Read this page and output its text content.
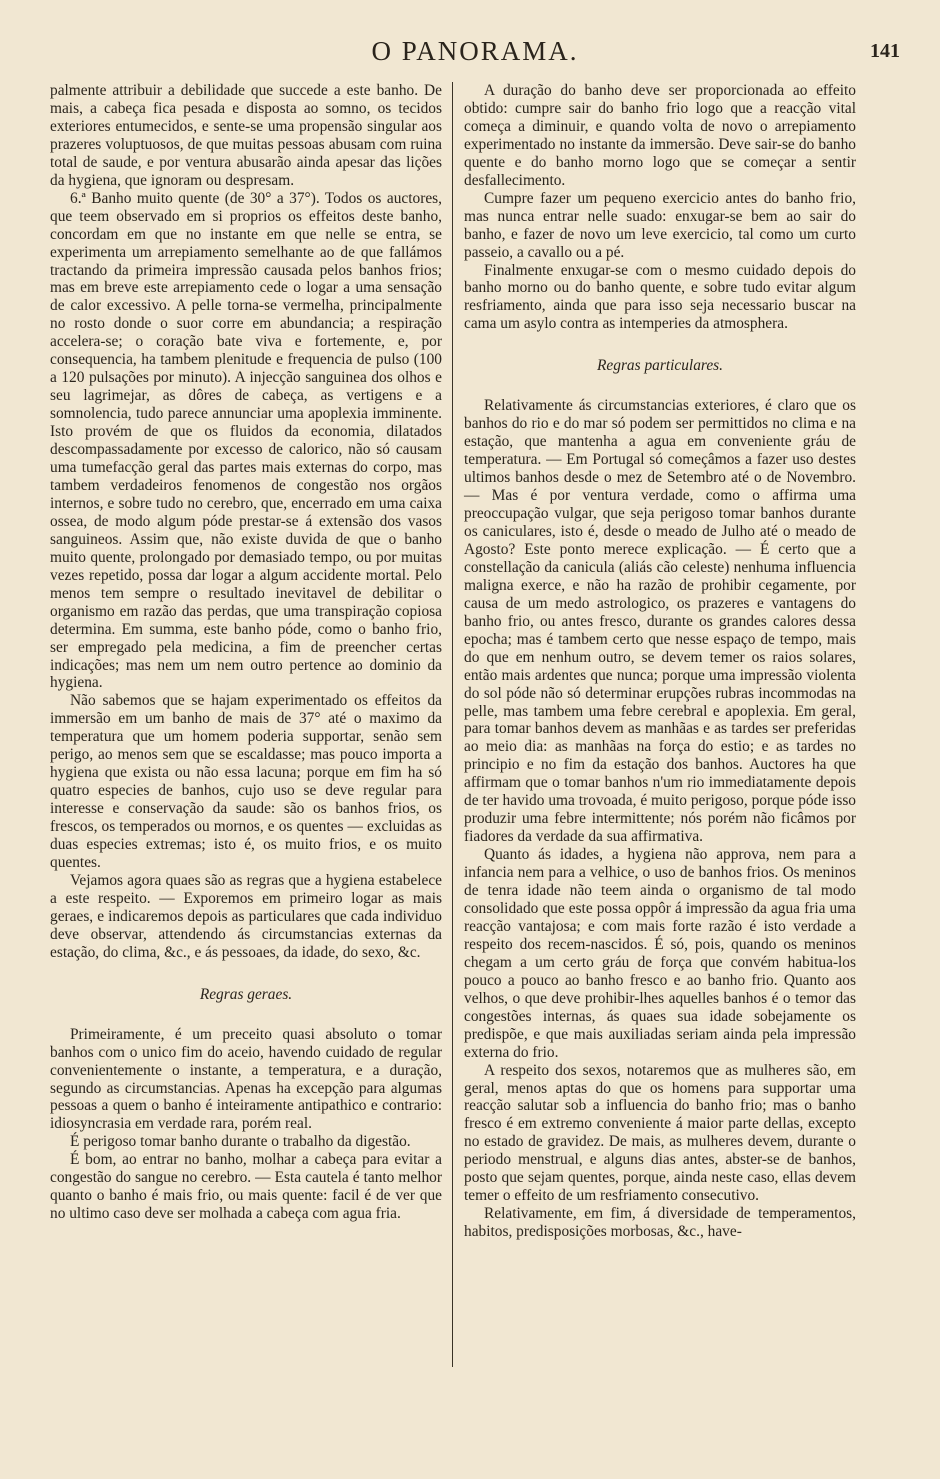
O PANORAMA.	141

palmente attribuir a debilidade que succede a este banho. De mais, a cabeça fica pesada e disposta ao somno, os tecidos exteriores entumecidos, e sente-se uma propensão singular aos prazeres voluptuosos, de que muitas pessoas abusam com ruina total de saude, e por ventura abusarão ainda apesar das lições da hygiena, que ignoram ou despresam.

6.ª Banho muito quente (de 30° a 37°). Todos os auctores, que teem observado em si proprios os effeitos deste banho, concordam em que no instante em que nelle se entra, se experimenta um arrepiamento semelhante ao de que fallámos tractando da primeira impressão causada pelos banhos frios; mas em breve este arrepiamento cede o logar a uma sensação de calor excessivo. A pelle torna-se vermelha, principalmente no rosto donde o suor corre em abundancia; a respiração accelera-se; o coração bate viva e fortemente, e, por consequencia, ha tambem plenitude e frequencia de pulso (100 a 120 pulsações por minuto). A injecção sanguinea dos olhos e seu lagrimejar, as dôres de cabeça, as vertigens e a somnolencia, tudo parece annunciar uma apoplexia imminente. Isto provém de que os fluidos da economia, dilatados descompassadamente por excesso de calorico, não só causam uma tumefacção geral das partes mais externas do corpo, mas tambem verdadeiros fenomenos de congestão nos orgãos internos, e sobre tudo no cerebro, que, encerrado em uma caixa ossea, de modo algum póde prestar-se á extensão dos vasos sanguineos. Assim que, não existe duvida de que o banho muito quente, prolongado por demasiado tempo, ou por muitas vezes repetido, possa dar logar a algum accidente mortal. Pelo menos tem sempre o resultado inevitavel de debilitar o organismo em razão das perdas, que uma transpiração copiosa determina. Em summa, este banho póde, como o banho frio, ser empregado pela medicina, a fim de preencher certas indicações; mas nem um nem outro pertence ao dominio da hygiena.

Não sabemos que se hajam experimentado os effeitos da immersão em um banho de mais de 37° até o maximo da temperatura que um homem poderia supportar, senão sem perigo, ao menos sem que se escaldasse; mas pouco importa a hygiena que exista ou não essa lacuna; porque em fim ha só quatro especies de banhos, cujo uso se deve regular para interesse e conservação da saude: são os banhos frios, os frescos, os temperados ou mornos, e os quentes — excluidas as duas especies extremas; isto é, os muito frios, e os muito quentes.

Vejamos agora quaes são as regras que a hygiena estabelece a este respeito. — Exporemos em primeiro logar as mais geraes, e indicaremos depois as particulares que cada individuo deve observar, attendendo ás circumstancias externas da estação, do clima, &c., e ás pessoaes, da idade, do sexo, &c.

Regras geraes.

Primeiramente, é um preceito quasi absoluto o tomar banhos com o unico fim do aceio, havendo cuidado de regular convenientemente o instante, a temperatura, e a duração, segundo as circumstancias. Apenas ha excepção para algumas pessoas a quem o banho é inteiramente antipathico e contrario: idiosyncrasia em verdade rara, porém real.

É perigoso tomar banho durante o trabalho da digestão.

É bom, ao entrar no banho, molhar a cabeça para evitar a congestão do sangue no cerebro. — Esta cautela é tanto melhor quanto o banho é mais frio, ou mais quente: facil é de ver que no ultimo caso deve ser molhada a cabeça com agua fria.

A duração do banho deve ser proporcionada ao effeito obtido: cumpre sair do banho frio logo que a reacção vital começa a diminuir, e quando volta de novo o arrepiamento experimentado no instante da immersão. Deve sair-se do banho quente e do banho morno logo que se começar a sentir desfallecimento.

Cumpre fazer um pequeno exercicio antes do banho frio, mas nunca entrar nelle suado: enxugar-se bem ao sair do banho, e fazer de novo um leve exercicio, tal como um curto passeio, a cavallo ou a pé.

Finalmente enxugar-se com o mesmo cuidado depois do banho morno ou do banho quente, e sobre tudo evitar algum resfriamento, ainda que para isso seja necessario buscar na cama um asylo contra as intemperies da atmosphera.

Regras particulares.

Relativamente ás circumstancias exteriores, é claro que os banhos do rio e do mar só podem ser permittidos no clima e na estação, que mantenha a agua em conveniente gráu de temperatura. — Em Portugal só começâmos a fazer uso destes ultimos banhos desde o mez de Setembro até o de Novembro. — Mas é por ventura verdade, como o affirma uma preoccupação vulgar, que seja perigoso tomar banhos durante os caniculares, isto é, desde o meado de Julho até o meado de Agosto? Este ponto merece explicação. — É certo que a constellação da canicula (aliás cão celeste) nenhuma influencia maligna exerce, e não ha razão de prohibir cegamente, por causa de um medo astrologico, os prazeres e vantagens do banho frio, ou antes fresco, durante os grandes calores dessa epocha; mas é tambem certo que nesse espaço de tempo, mais do que em nenhum outro, se devem temer os raios solares, então mais ardentes que nunca; porque uma impressão violenta do sol póde não só determinar erupções rubras incommodas na pelle, mas tambem uma febre cerebral e apoplexia. Em geral, para tomar banhos devem as manhãas e as tardes ser preferidas ao meio dia: as manhãas na força do estio; e as tardes no principio e no fim da estação dos banhos. Auctores ha que affirmam que o tomar banhos n'um rio immediatamente depois de ter havido uma trovoada, é muito perigoso, porque póde isso produzir uma febre intermittente; nós porém não ficâmos por fiadores da verdade da sua affirmativa.

Quanto ás idades, a hygiena não approva, nem para a infancia nem para a velhice, o uso de banhos frios. Os meninos de tenra idade não teem ainda o organismo de tal modo consolidado que este possa oppôr á impressão da agua fria uma reacção vantajosa; e com mais forte razão é isto verdade a respeito dos recem-nascidos. É só, pois, quando os meninos chegam a um certo gráu de força que convém habitua-los pouco a pouco ao banho fresco e ao banho frio. Quanto aos velhos, o que deve prohibir-lhes aquelles banhos é o temor das congestões internas, ás quaes sua idade sobejamente os predispõe, e que mais auxiliadas seriam ainda pela impressão externa do frio.

A respeito dos sexos, notaremos que as mulheres são, em geral, menos aptas do que os homens para supportar uma reacção salutar sob a influencia do banho frio; mas o banho fresco é em extremo conveniente á maior parte dellas, excepto no estado de gravidez. De mais, as mulheres devem, durante o periodo menstrual, e alguns dias antes, abster-se de banhos, posto que sejam quentes, porque, ainda neste caso, ellas devem temer o effeito de um resfriamento consecutivo.

Relativamente, em fim, á diversidade de temperamentos, habitos, predisposições morbosas, &c., have-
